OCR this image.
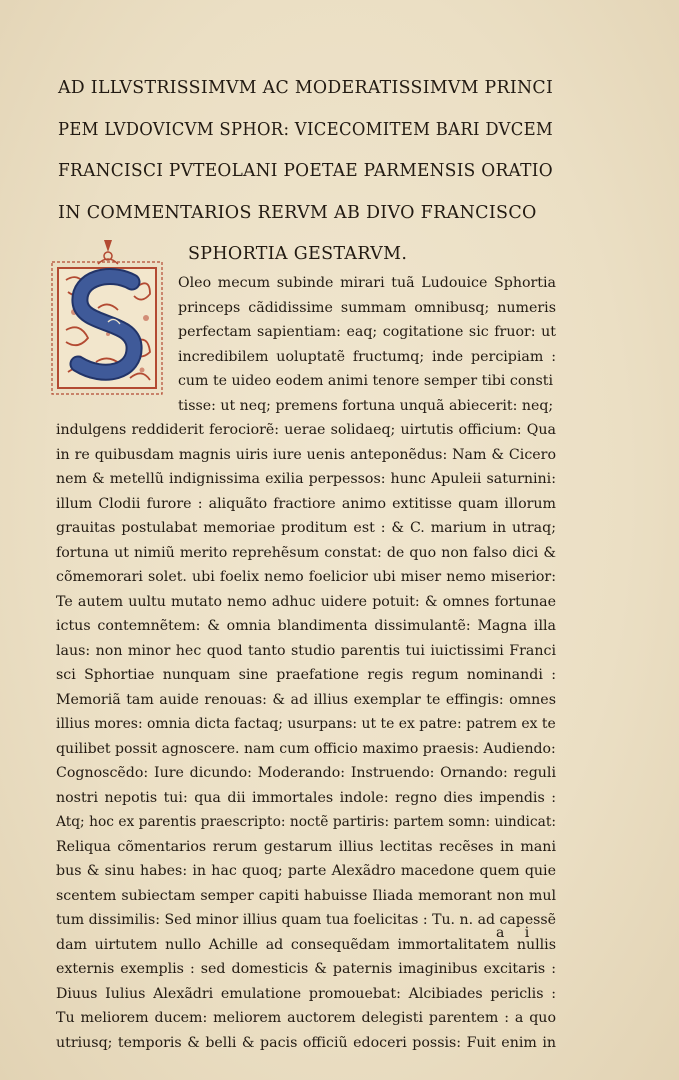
AD ILLVSTRISSIMVM AC MODERATISSIMVM PRINCI
PEM LVDOVICVM SPHOR: VICECOMITEM BARI DVCEM
FRANCISCI PVTEOLANI POETAE PARMENSIS ORATIO
IN COMMENTARIOS RERVM AB DIVO FRANCISCO
SPHORTIA GESTARVM.
Oleo mecum subinde mirari tuã Ludouice Sphortia
princeps cãdidissime summam omnibusq; numeris
perfectam sapientiam: eaq; cogitatione sic fruor: ut
incredibilem uoluptatẽ fructumq; inde percipiam :
cum te uideo eodem animi tenore semper tibi consti
tisse: ut neq; premens fortuna unquã abiecerit: neq;
indulgens reddiderit ferociorẽ: uerae solidaeq; uirtutis officium: Qua
in re quibusdam magnis uiris iure uenis anteponẽdus: Nam & Cicero
nem & metellũ indignissima exilia perpessos: hunc Apuleii saturnini:
illum Clodii furore : aliquãto fractiore animo extitisse quam illorum
grauitas postulabat memoriae proditum est : & C. marium in utraq;
fortuna ut nimiũ merito reprehẽsum constat: de quo non falso dici &
cõmemorari solet. ubi foelix nemo foelicior ubi miser nemo miserior:
Te autem uultu mutato nemo adhuc uidere potuit: & omnes fortunae
ictus contemnẽtem: & omnia blandimenta dissimulantẽ: Magna illa
laus: non minor hec quod tanto studio parentis tui iuictissimi Franci
sci Sphortiae nunquam sine praefatione regis regum nominandi :
Memoriã tam auide renouas: & ad illius exemplar te effingis: omnes
illius mores: omnia dicta factaq; usurpans: ut te ex patre: patrem ex te
quilibet possit agnoscere. nam cum officio maximo praesis: Audiendo:
Cognoscẽdo: Iure dicundo: Moderando: Instruendo: Ornando: reguli
nostri nepotis tui: qua dii immortales indole: regno dies impendis :
Atq; hoc ex parentis praescripto: noctẽ partiris: partem somn: uindicat:
Reliqua cõmentarios rerum gestarum illius lectitas recẽses in mani
bus & sinu habes: in hac quoq; parte Alexãdro macedone quem quie
scentem subiectam semper capiti habuisse Iliada memorant non mul
tum dissimilis: Sed minor illius quam tua foelicitas : Tu. n. ad capessẽ
dam uirtutem nullo Achille ad consequẽdam immortalitatem nullis
externis exemplis : sed domesticis & paternis imaginibus excitaris :
Diuus Iulius Alexãdri emulatione promouebat: Alcibiades periclis :
Tu meliorem ducem: meliorem auctorem delegisti parentem : a quo
utriusq; temporis & belli & pacis officiũ edoceri possis: Fuit enim in
a i
